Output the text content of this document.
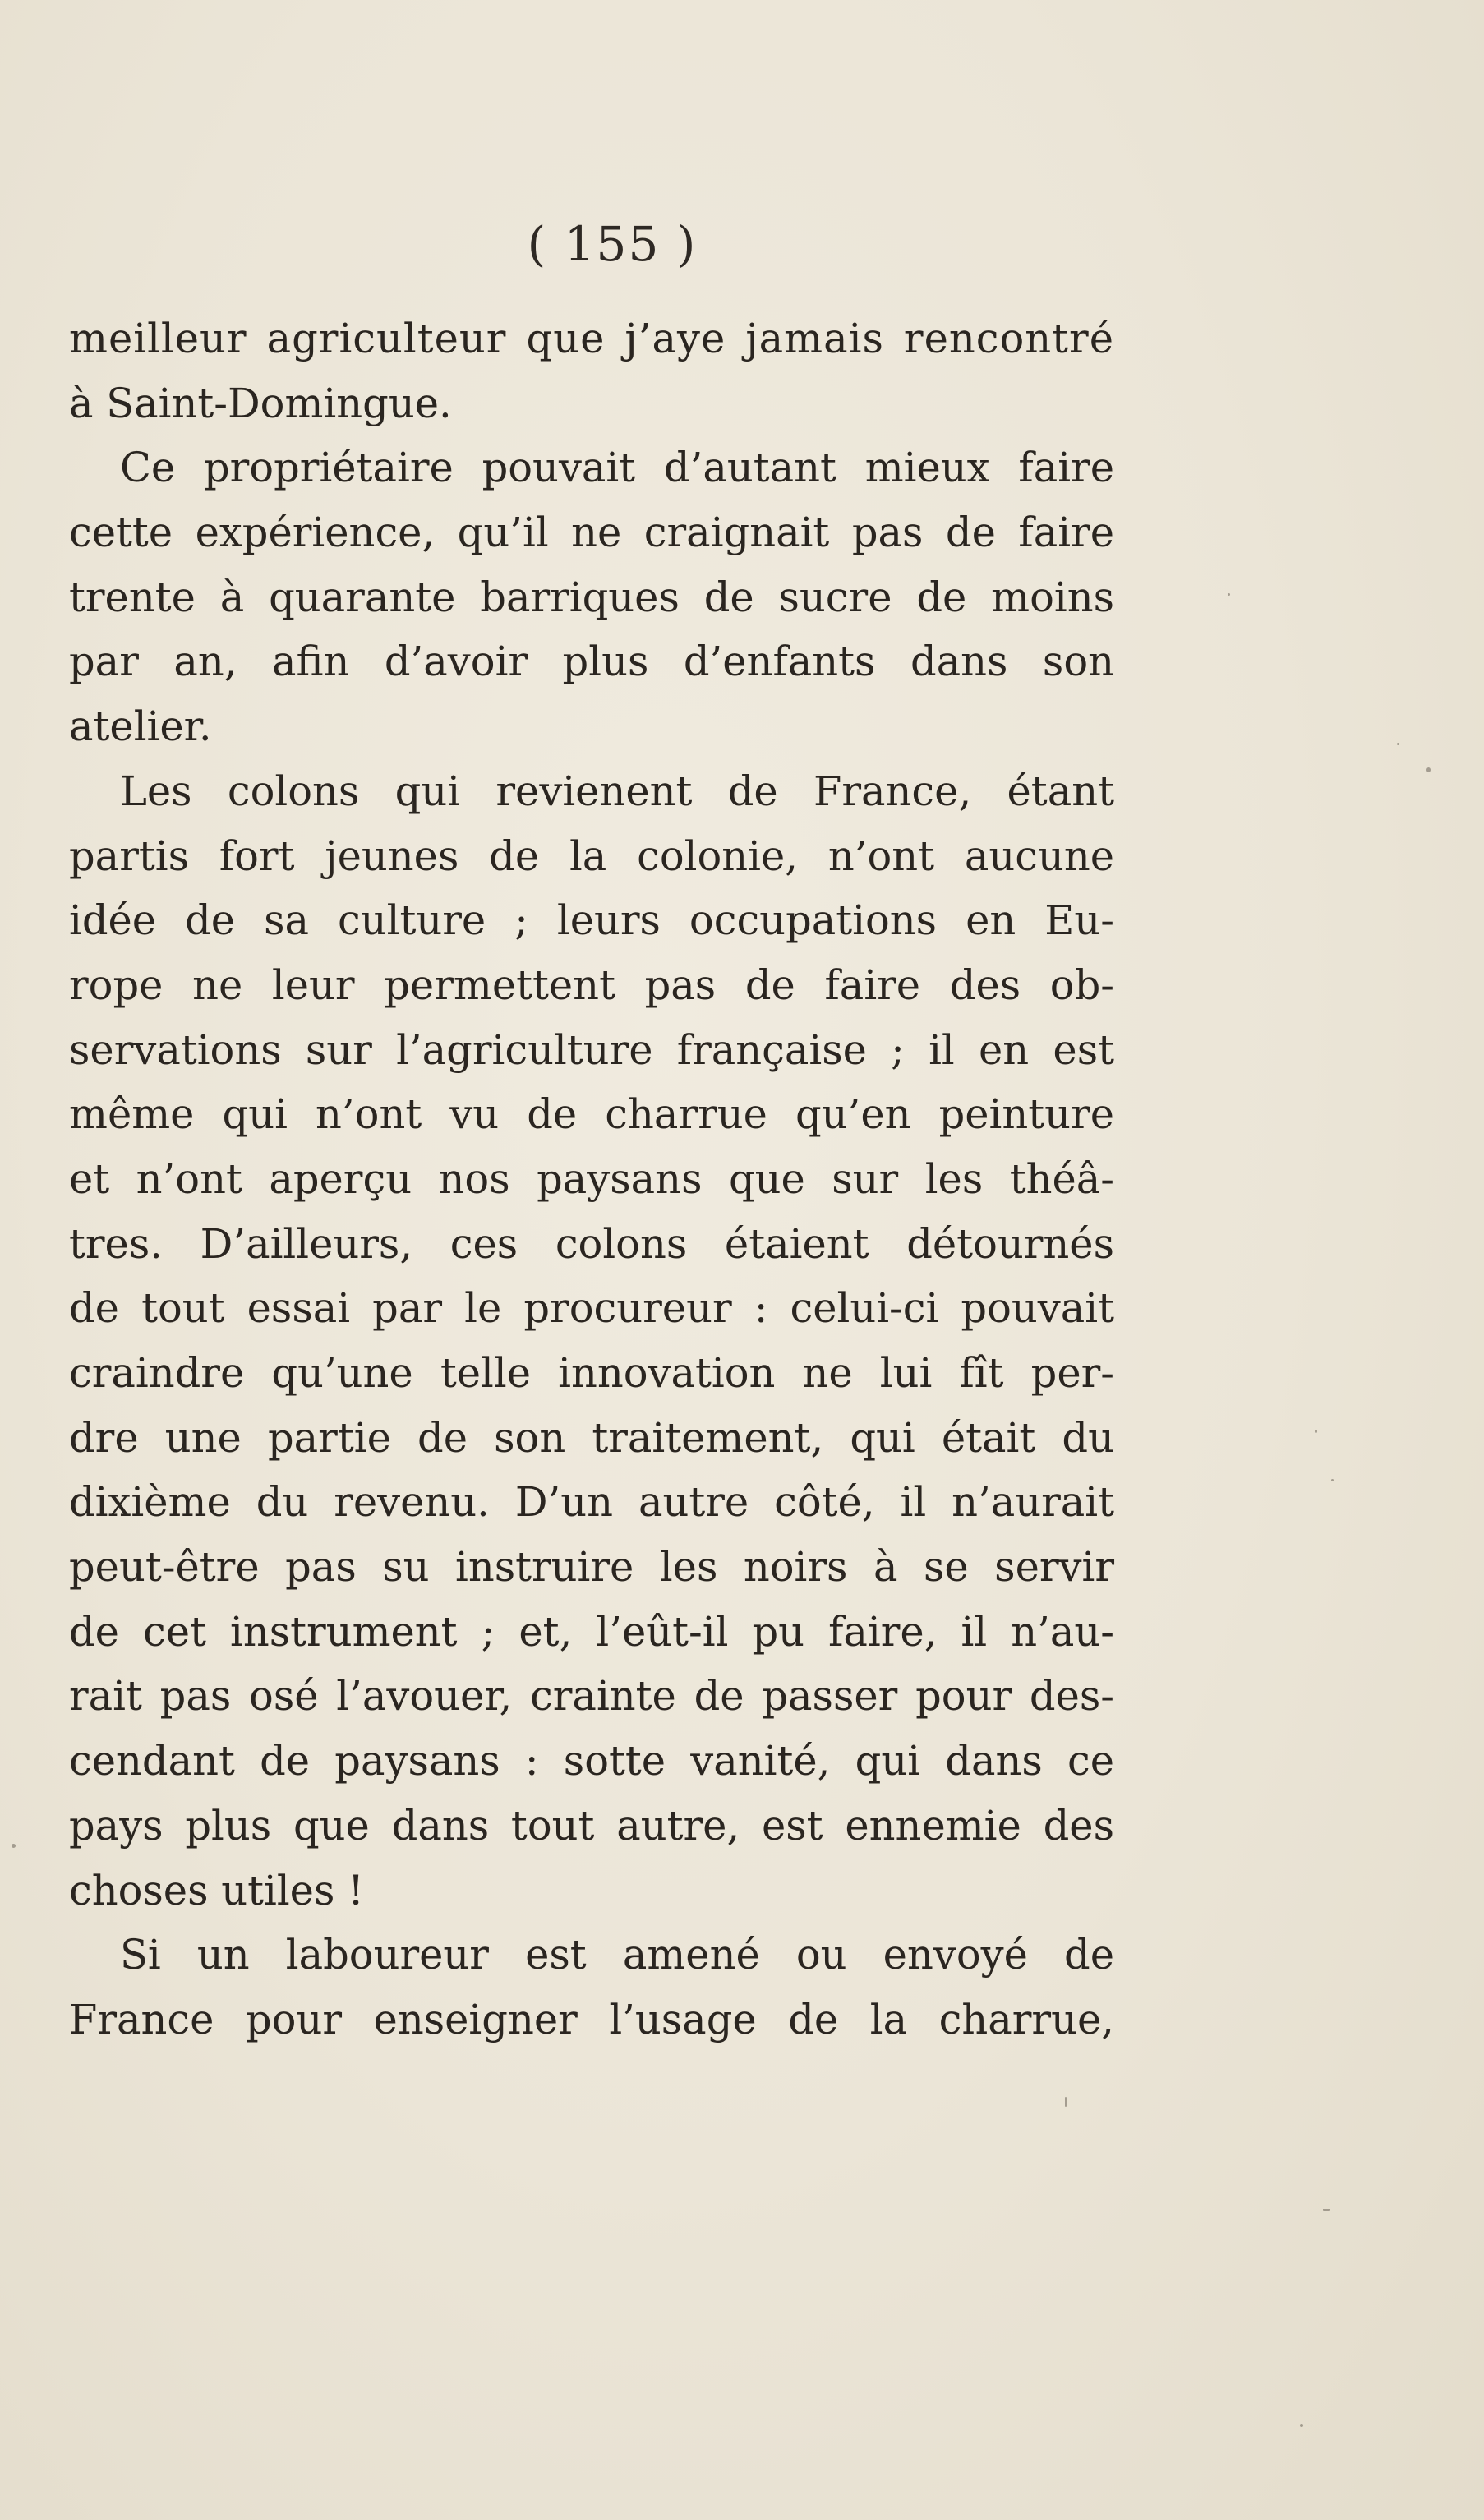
( 155 )
meilleur agriculteur que j’aye jamais rencontré
à Saint-Domingue.
Ce propriétaire pouvait d’autant mieux faire
cette expérience, qu’il ne craignait pas de faire
trente à quarante barriques de sucre de moins
par an, afin d’avoir plus d’enfants dans son
atelier.
Les colons qui revienent de France, étant
partis fort jeunes de la colonie, n’ont aucune
idée de sa culture ; leurs occupations en Eu-
rope ne leur permettent pas de faire des ob-
servations sur l’agriculture française ; il en est
même qui n’ont vu de charrue qu’en peinture
et n’ont aperçu nos paysans que sur les théâ-
tres. D’ailleurs, ces colons étaient détournés
de tout essai par le procureur : celui-ci pouvait
craindre qu’une telle innovation ne lui fît per-
dre une partie de son traitement, qui était du
dixième du revenu. D’un autre côté, il n’aurait
peut-être pas su instruire les noirs à se servir
de cet instrument ; et, l’eût-il pu faire, il n’au-
rait pas osé l’avouer, crainte de passer pour des-
cendant de paysans : sotte vanité, qui dans ce
pays plus que dans tout autre, est ennemie des
choses utiles !
Si un laboureur est amené ou envoyé de
France pour enseigner l’usage de la charrue,
